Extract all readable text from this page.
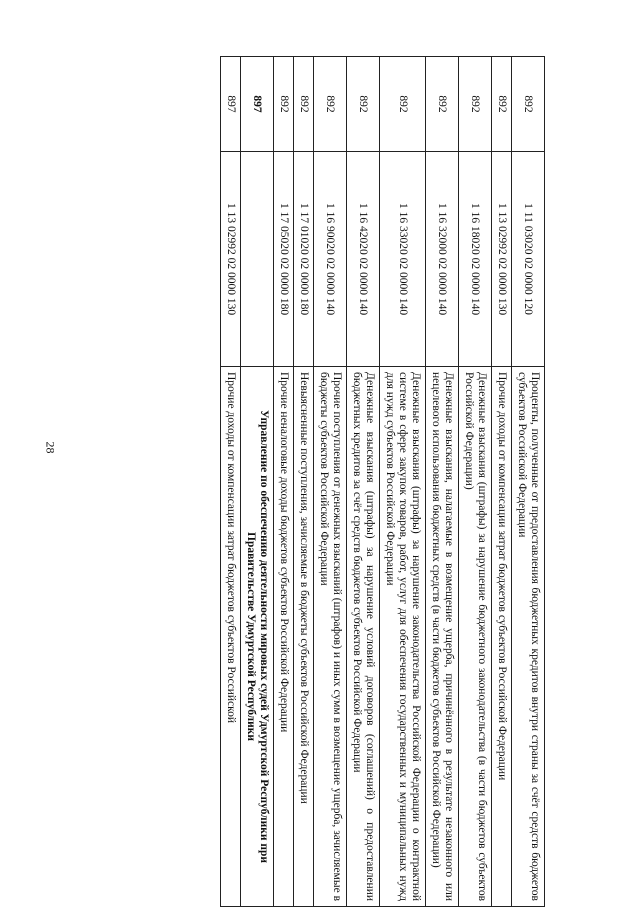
28
892	1 11 03020 02 0000 120	Проценты, полученные от предоставления бюджетных кредитов внутри страны за счёт средств бюджетов субъектов Российской Федерации
892	1 13 02992 02 0000 130	Прочие доходы от компенсации затрат бюджетов субъектов Российской Федерации
892	1 16 18020 02 0000 140	Денежные взыскания (штрафы) за нарушение бюджетного законодательства (в части бюджетов субъектов Российской Федерации)
892	1 16 32000 02 0000 140	Денежные взыскания, налагаемые в возмещение ущерба, причинённого в результате незаконного или нецелевого использования бюджетных средств (в части бюджетов субъектов Российской Федерации)
892	1 16 33020 02 0000 140	Денежные взыскания (штрафы) за нарушение законодательства Российской Федерации о контрактной системе в сфере закупок товаров, работ, услуг для обеспечения государственных и муниципальных нужд для нужд субъектов Российской Федерации
892	1 16 42020 02 0000 140	Денежные взыскания (штрафы) за нарушение условий договоров (соглашений) о предоставлении бюджетных кредитов за счёт средств бюджетов субъектов Российской Федерации
892	1 16 90020 02 0000 140	Прочие поступления от денежных взысканий (штрафов) и иных сумм в возмещение ущерба, зачисляемые в бюджеты субъектов Российской Федерации
892	1 17 01020 02 0000 180	Невыясненные поступления, зачисляемые в бюджеты субъектов Российской Федерации
892	1 17 05020 02 0000 180	Прочие неналоговые доходы бюджетов субъектов Российской Федерации
897		Управление по обеспечению деятельности мировых судей Удмуртской Республики при Правительстве Удмуртской Республики
897	1 13 02992 02 0000 130	Прочие доходы от компенсации затрат бюджетов субъектов Российской
